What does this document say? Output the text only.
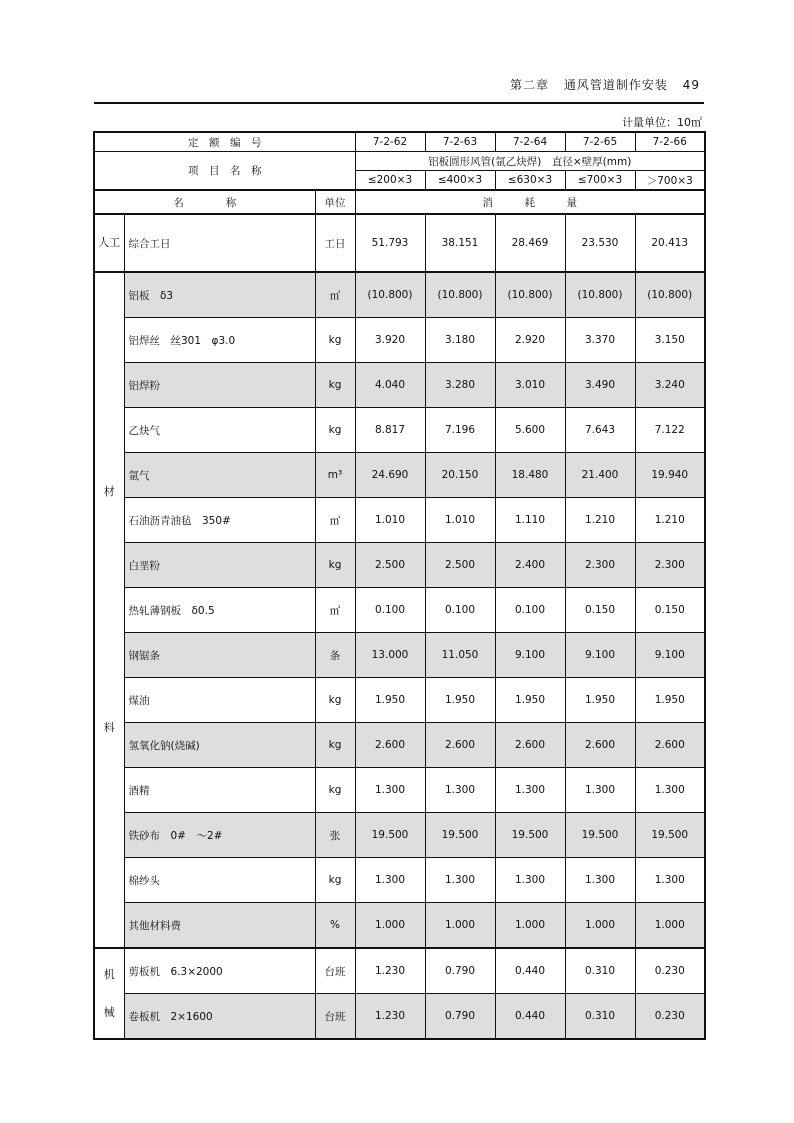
第二章 通风管道制作安装 49
计量单位：10㎡
定　额　编　号			7-2-62	7-2-63	7-2-64	7-2-65	7-2-66
项　目　名　称			铝板圆形风管(氩乙炔焊)　直径×壁厚(mm)				
			≤200×3	≤400×3	≤630×3	≤700×3	＞700×3
名　　　　称		单位	消　　　耗　　　量				

人工	综合工日	工日	51.793	38.151	28.469	23.530	20.413

材
料	铝板　δ3	㎡	(10.800)	(10.800)	(10.800)	(10.800)	(10.800)
	铝焊丝　丝301　φ3.0	kg	3.920	3.180	2.920	3.370	3.150
	铝焊粉	kg	4.040	3.280	3.010	3.490	3.240
	乙炔气	kg	8.817	7.196	5.600	7.643	7.122
	氩气	m³	24.690	20.150	18.480	21.400	19.940
	石油沥青油毡　350#	㎡	1.010	1.010	1.110	1.210	1.210
	白垩粉	kg	2.500	2.500	2.400	2.300	2.300
	热轧薄钢板　δ0.5	㎡	0.100	0.100	0.100	0.150	0.150
	钢锯条	条	13.000	11.050	9.100	9.100	9.100
	煤油	kg	1.950	1.950	1.950	1.950	1.950
	氢氧化钠(烧碱)	kg	2.600	2.600	2.600	2.600	2.600
	酒精	kg	1.300	1.300	1.300	1.300	1.300
	铁砂布　0#　～2#	张	19.500	19.500	19.500	19.500	19.500
	棉纱头	kg	1.300	1.300	1.300	1.300	1.300
	其他材料费	%	1.000	1.000	1.000	1.000	1.000

机
械	剪板机　6.3×2000	台班	1.230	0.790	0.440	0.310	0.230
	卷板机　2×1600	台班	1.230	0.790	0.440	0.310	0.230
